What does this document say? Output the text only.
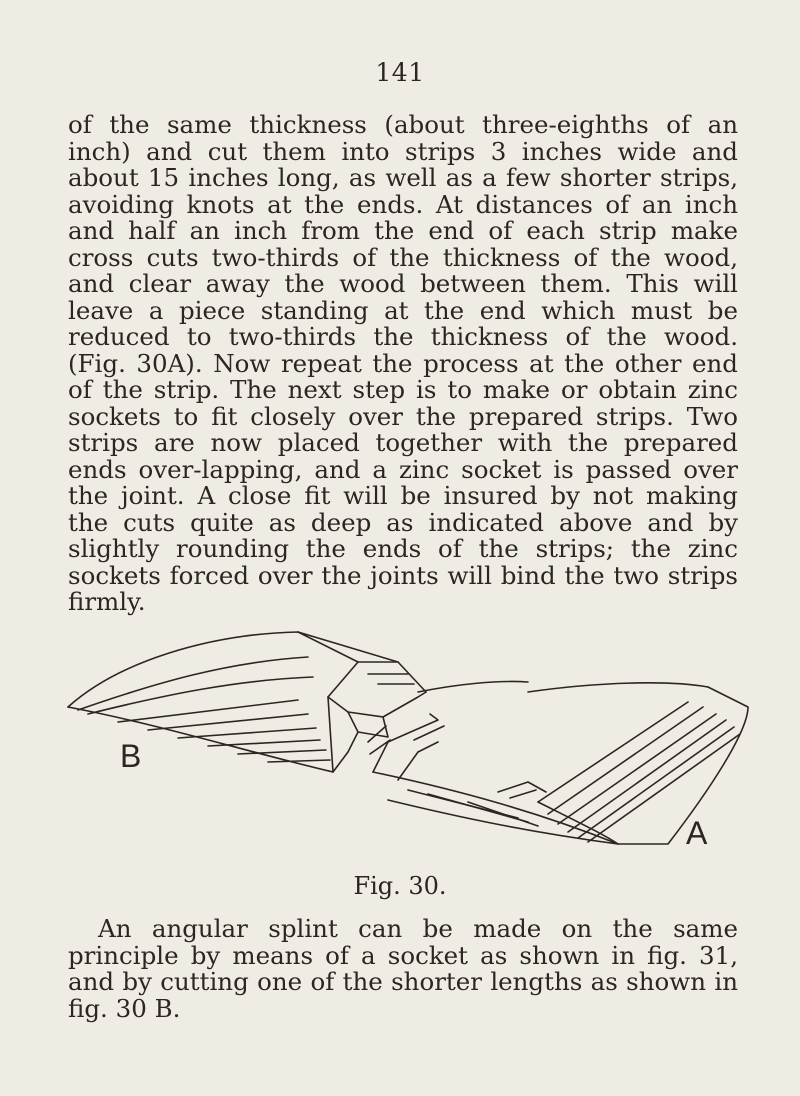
141

of the same thickness (about three-eighths of an inch) and cut them into strips 3 inches wide and about 15 inches long, as well as a few shorter strips, avoiding knots at the ends. At distances of an inch and half an inch from the end of each strip make cross cuts two-thirds of the thickness of the wood, and clear away the wood between them. This will leave a piece standing at the end which must be reduced to two-thirds the thickness of the wood. (Fig. 30A). Now repeat the process at the other end of the strip. The next step is to make or obtain zinc sockets to fit closely over the prepared strips. Two strips are now placed together with the prepared ends over-lapping, and a zinc socket is passed over the joint. A close fit will be insured by not making the cuts quite as deep as indicated above and by slightly rounding the ends of the strips; the zinc sockets forced over the joints will bind the two strips firmly.

B
A
Fig. 30.

An angular splint can be made on the same principle by means of a socket as shown in fig. 31, and by cutting one of the shorter lengths as shown in fig. 30 B.
